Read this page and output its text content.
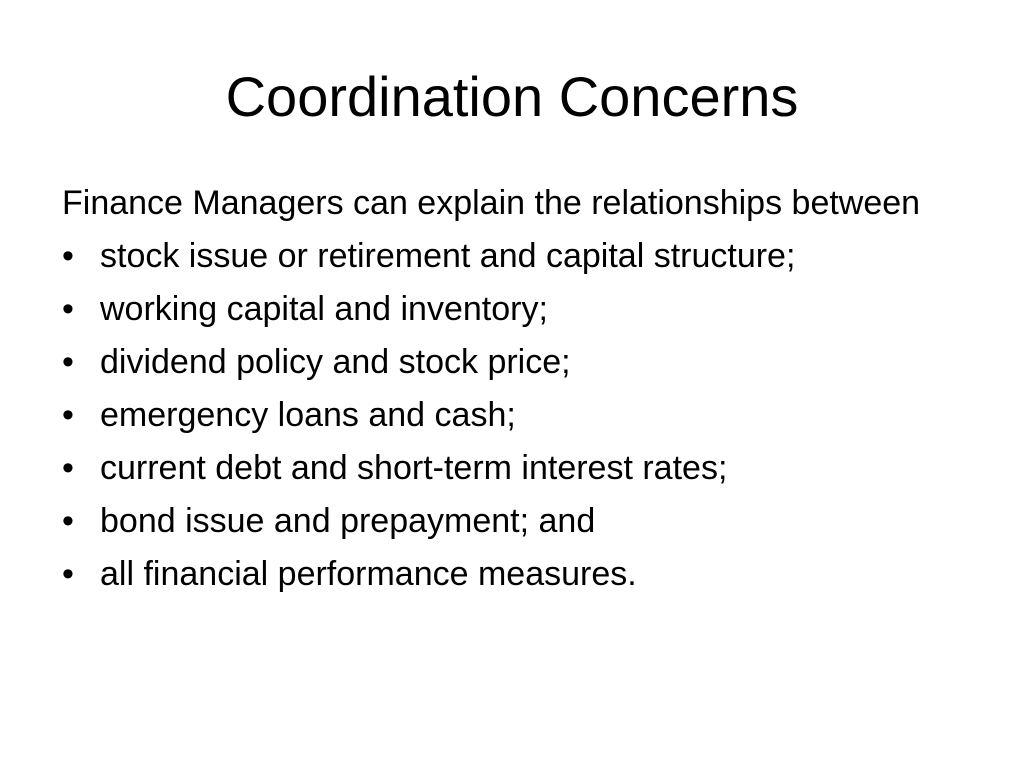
Coordination Concerns

Finance Managers can explain the relationships between

• stock issue or retirement and capital structure;
• working capital and inventory;
• dividend policy and stock price;
• emergency loans and cash;
• current debt and short-term interest rates;
• bond issue and prepayment; and
• all financial performance measures.
